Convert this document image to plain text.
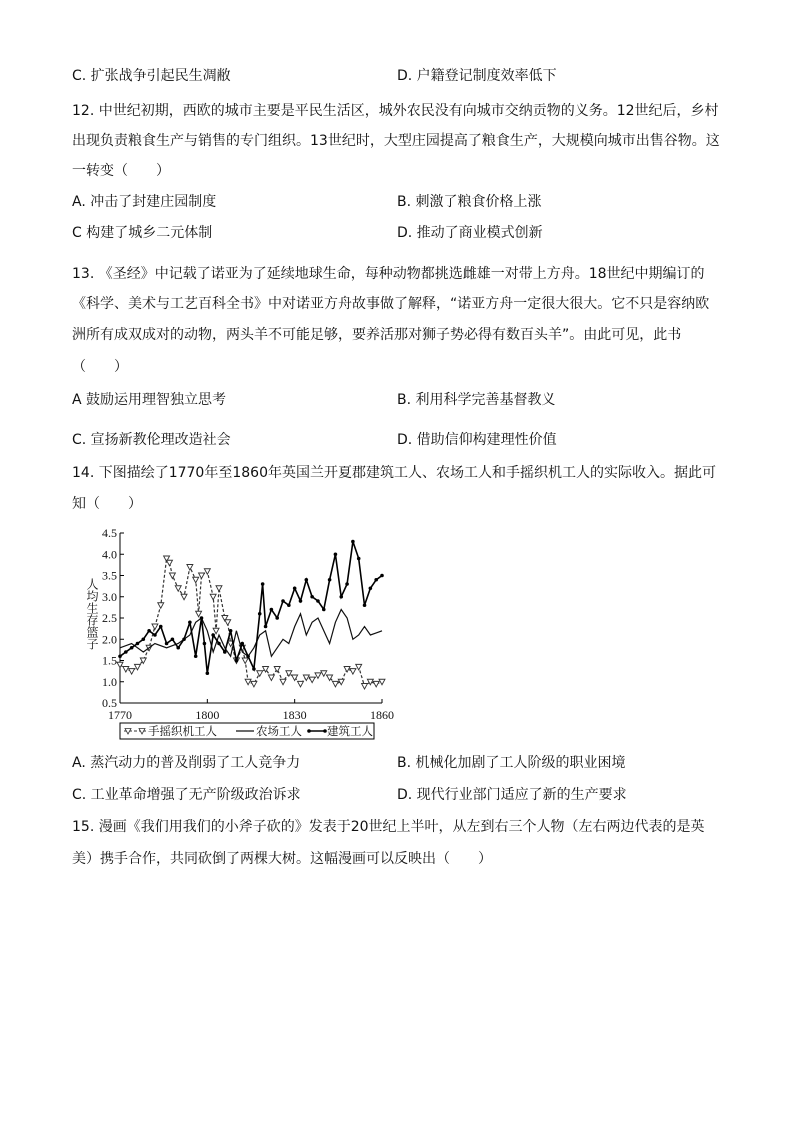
C. 扩张战争引起民生凋敝	D. 户籍登记制度效率低下
12. 中世纪初期，西欧的城市主要是平民生活区，城外农民没有向城市交纳贡物的义务。12世纪后，乡村
出现负责粮食生产与销售的专门组织。13世纪时，大型庄园提高了粮食生产，大规模向城市出售谷物。这
一转变（　　）
A. 冲击了封建庄园制度	B. 刺激了粮食价格上涨
C 构建了城乡二元体制	D. 推动了商业模式创新
13. 《圣经》中记载了诺亚为了延续地球生命，每种动物都挑选雌雄一对带上方舟。18世纪中期编订的
《科学、美术与工艺百科全书》中对诺亚方舟故事做了解释，“诺亚方舟一定很大很大。它不只是容纳欧
洲所有成双成对的动物，两头羊不可能足够，要养活那对狮子势必得有数百头羊”。由此可见，此书
（　　）
A 鼓励运用理智独立思考	B. 利用科学完善基督教义
C. 宣扬新教伦理改造社会	D. 借助信仰构建理性价值
14. 下图描绘了1770年至1860年英国兰开夏郡建筑工人、农场工人和手摇织机工人的实际收入。据此可
知（　　）
0.5
1.0
1.5
2.0
2.5
3.0
3.5
4.0
4.5
1770	1800	1830	1860
人均生存篮子
手摇织机工人	农场工人 建筑工人
A. 蒸汽动力的普及削弱了工人竞争力	B. 机械化加剧了工人阶级的职业困境
C. 工业革命增强了无产阶级政治诉求	D. 现代行业部门适应了新的生产要求
15. 漫画《我们用我们的小斧子砍的》发表于20世纪上半叶，从左到右三个人物（左右两边代表的是英
美）携手合作，共同砍倒了两棵大树。这幅漫画可以反映出（　　）
